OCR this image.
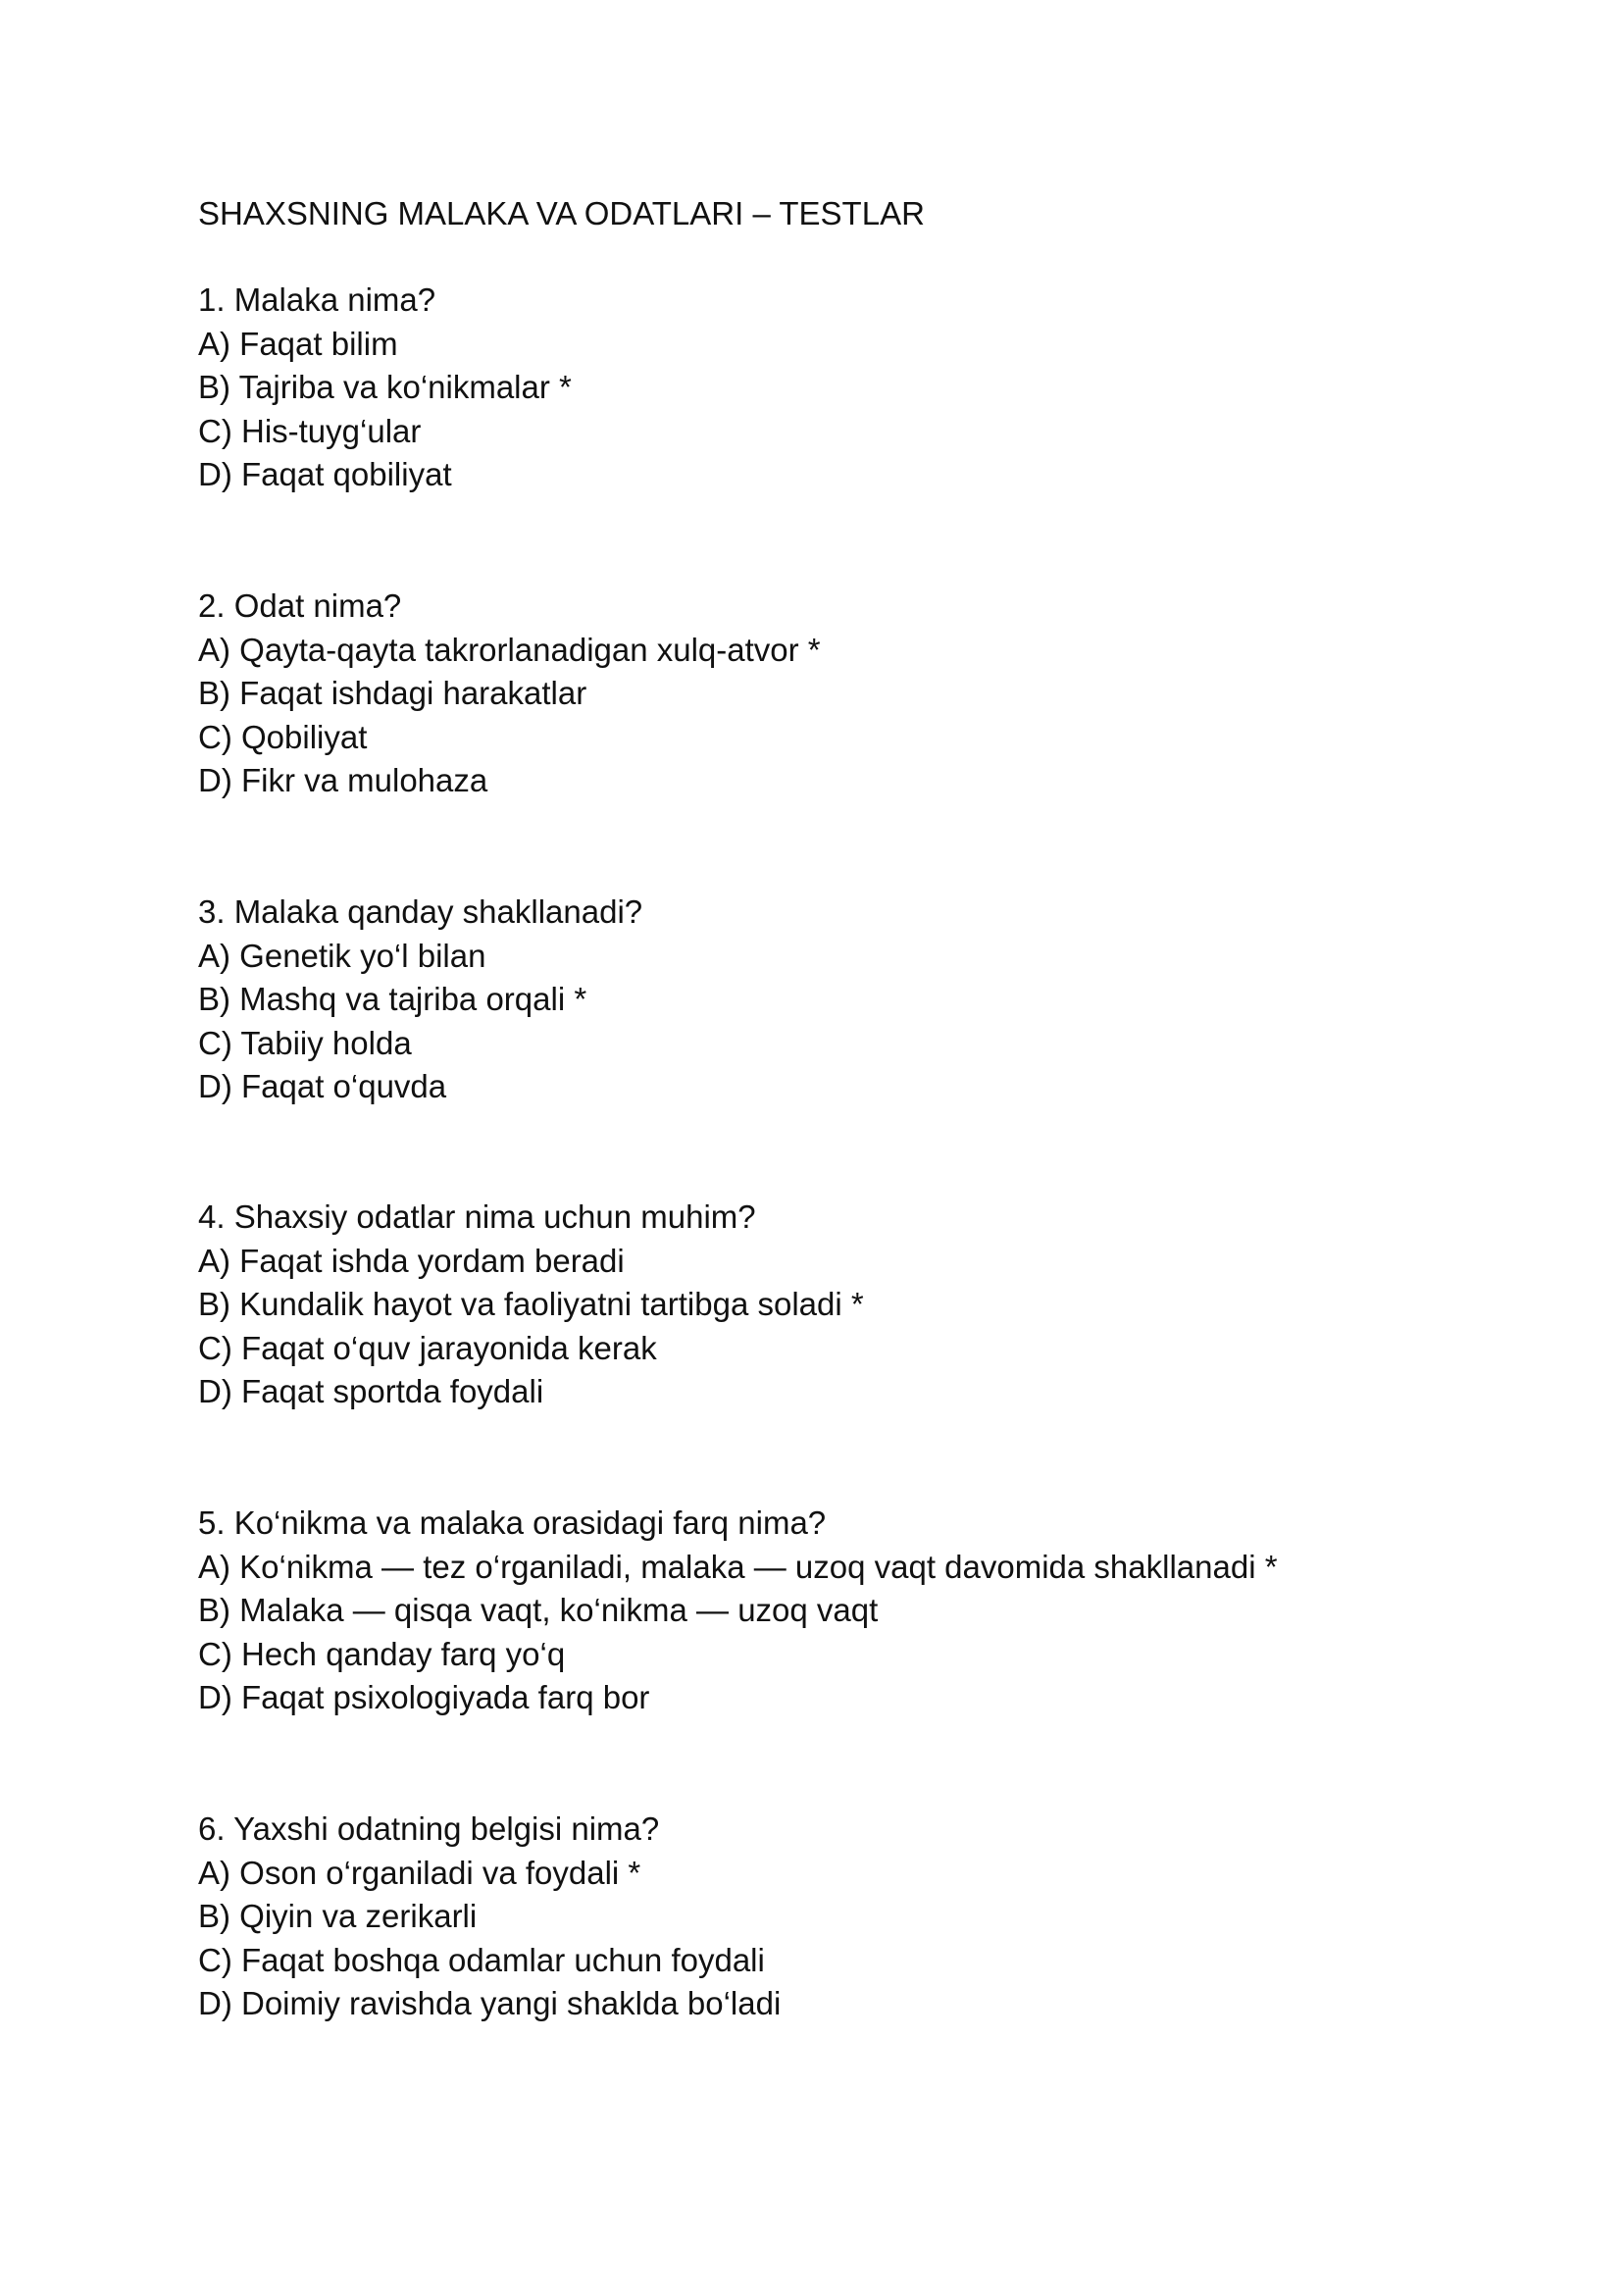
SHAXSNING MALAKA VA ODATLARI – TESTLAR

1. Malaka nima?

A) Faqat bilim

B) Tajriba va ko‘nikmalar *

C) His-tuyg‘ular

D) Faqat qobiliyat

2. Odat nima?

A) Qayta-qayta takrorlanadigan xulq-atvor *

B) Faqat ishdagi harakatlar

C) Qobiliyat

D) Fikr va mulohaza

3. Malaka qanday shakllanadi?

A) Genetik yo‘l bilan

B) Mashq va tajriba orqali *

C) Tabiiy holda

D) Faqat o‘quvda

4. Shaxsiy odatlar nima uchun muhim?

A) Faqat ishda yordam beradi

B) Kundalik hayot va faoliyatni tartibga soladi *

C) Faqat o‘quv jarayonida kerak

D) Faqat sportda foydali

5. Ko‘nikma va malaka orasidagi farq nima?

A) Ko‘nikma — tez o‘rganiladi, malaka — uzoq vaqt davomida shakllanadi *

B) Malaka — qisqa vaqt, ko‘nikma — uzoq vaqt

C) Hech qanday farq yo‘q

D) Faqat psixologiyada farq bor

6. Yaxshi odatning belgisi nima?

A) Oson o‘rganiladi va foydali *

B) Qiyin va zerikarli

C) Faqat boshqa odamlar uchun foydali

D) Doimiy ravishda yangi shaklda bo‘ladi
